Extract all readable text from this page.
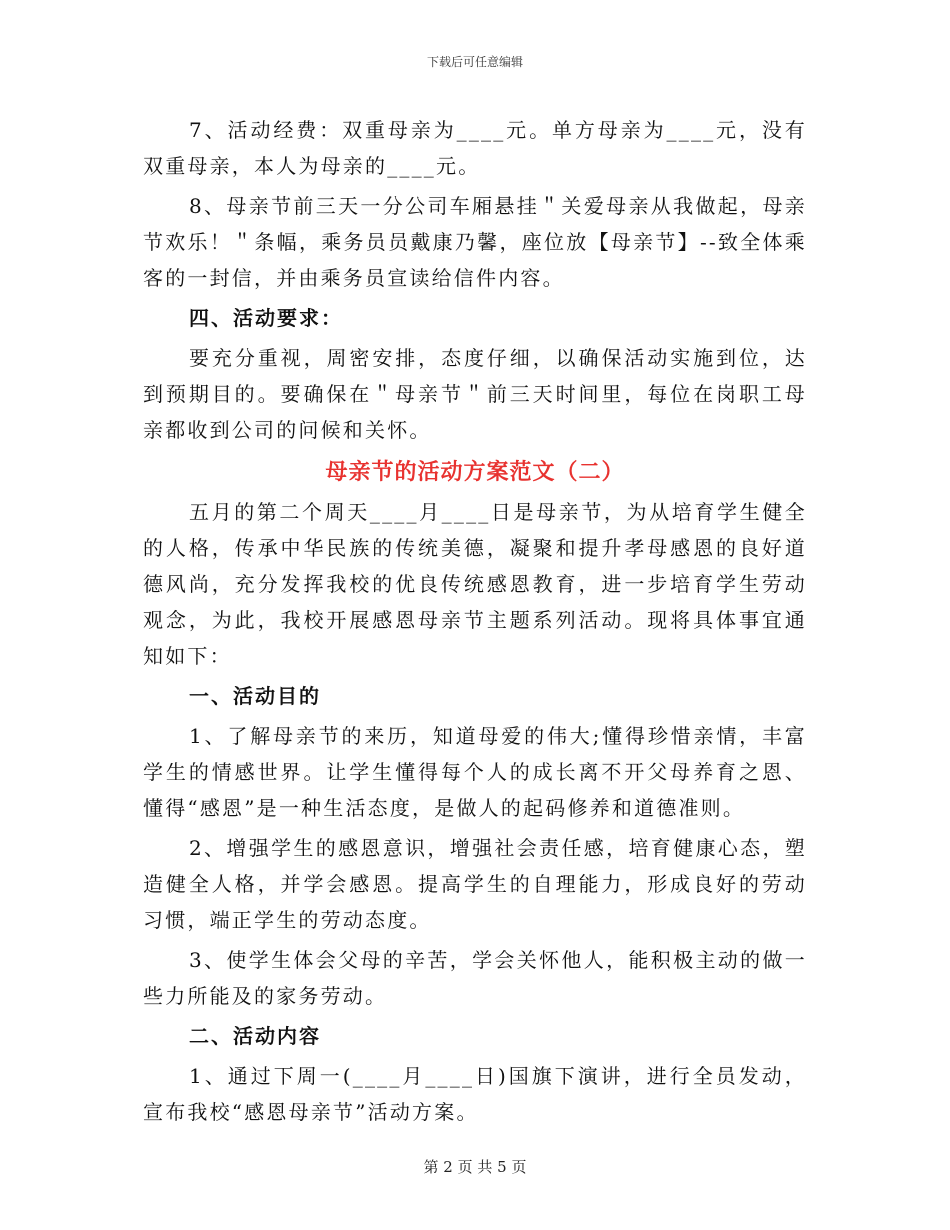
下载后可任意编辑

7、活动经费：双重母亲为____元。单方母亲为____元，没有双重母亲，本人为母亲的____元。

8、母亲节前三天一分公司车厢悬挂＂关爱母亲从我做起，母亲节欢乐！＂条幅，乘务员员戴康乃馨，座位放【母亲节】--致全体乘客的一封信，并由乘务员宣读给信件内容。

四、活动要求：

要充分重视，周密安排，态度仔细，以确保活动实施到位，达到预期目的。要确保在＂母亲节＂前三天时间里，每位在岗职工母亲都收到公司的问候和关怀。

母亲节的活动方案范文（二）

五月的第二个周天____月____日是母亲节，为从培育学生健全的人格，传承中华民族的传统美德，凝聚和提升孝母感恩的良好道德风尚，充分发挥我校的优良传统感恩教育，进一步培育学生劳动观念，为此，我校开展感恩母亲节主题系列活动。现将具体事宜通知如下：

一、活动目的

1、了解母亲节的来历，知道母爱的伟大;懂得珍惜亲情，丰富学生的情感世界。让学生懂得每个人的成长离不开父母养育之恩、懂得“感恩”是一种生活态度，是做人的起码修养和道德准则。

2、增强学生的感恩意识，增强社会责任感，培育健康心态，塑造健全人格，并学会感恩。提高学生的自理能力，形成良好的劳动习惯，端正学生的劳动态度。

3、使学生体会父母的辛苦，学会关怀他人，能积极主动的做一些力所能及的家务劳动。

二、活动内容

1、通过下周一(____月____日)国旗下演讲，进行全员发动，宣布我校“感恩母亲节”活动方案。

第 2 页 共 5 页
